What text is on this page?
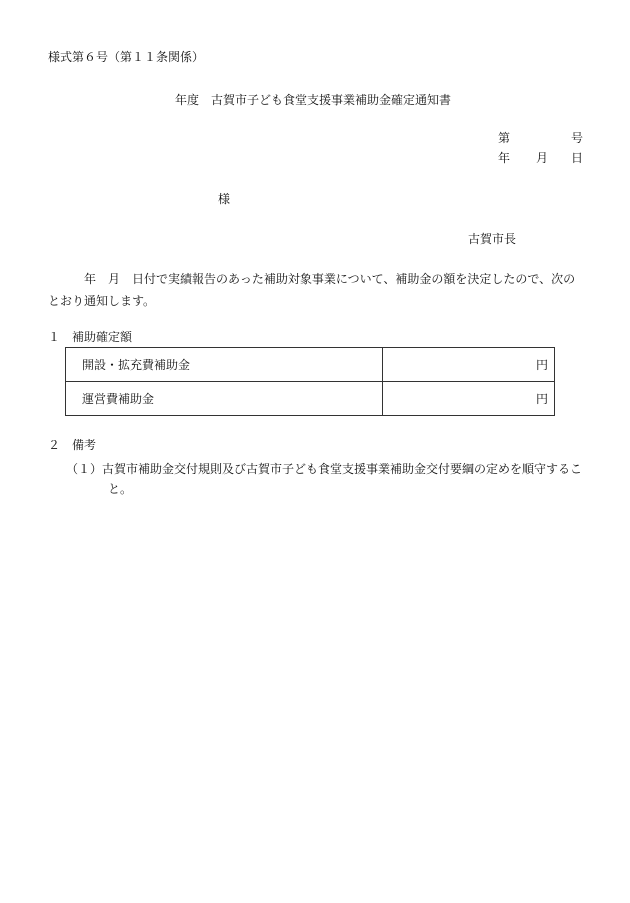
様式第６号（第１１条関係）
年度　古賀市子ども食堂支援事業補助金確定通知書
第	号
年 月 日
様
古賀市長
年　月　日付で実績報告のあった補助対象事業について、補助金の額を決定したので、次のとおり通知します。
１　補助確定額
開設・拡充費補助金	円
運営費補助金	円
２　備考
（１）古賀市補助金交付規則及び古賀市子ども食堂支援事業補助金交付要綱の定めを順守するこ
と。
